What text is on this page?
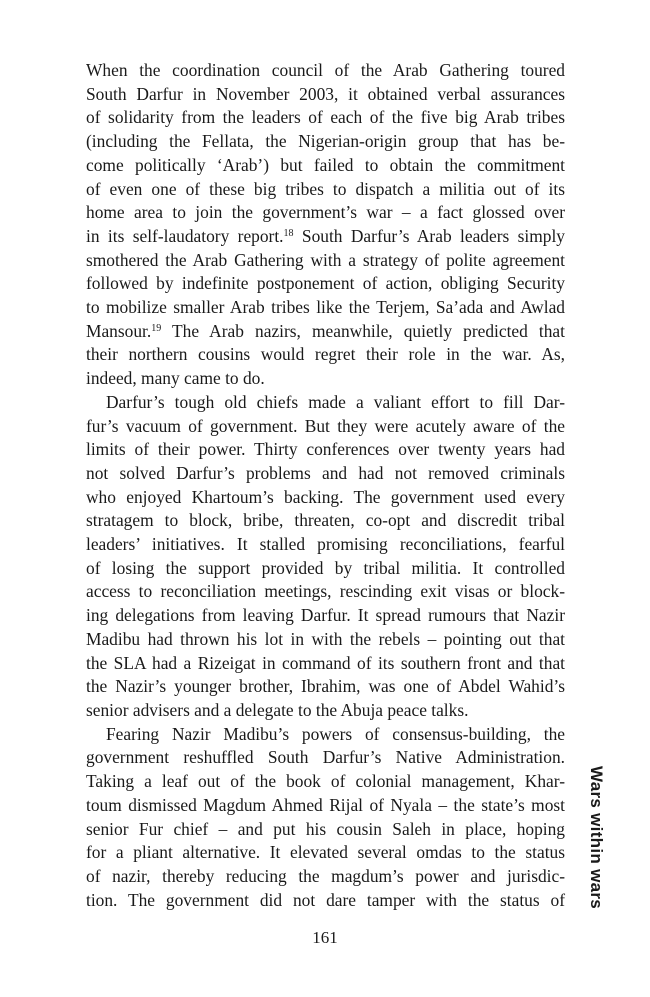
When the coordination council of the Arab Gathering toured

South Darfur in November 2003, it obtained verbal assurances

of solidarity from the leaders of each of the five big Arab tribes

(including the Fellata, the Nigerian-origin group that has be-

come politically ‘Arab’) but failed to obtain the commitment

of even one of these big tribes to dispatch a militia out of its

home area to join the government’s war – a fact glossed over

in its self-laudatory report.$^{18}$ South Darfur’s Arab leaders simply

smothered the Arab Gathering with a strategy of polite agreement

followed by indefinite postponement of action, obliging Security

to mobilize smaller Arab tribes like the Terjem, Sa’ada and Awlad

Mansour.$^{19}$ The Arab nazirs, meanwhile, quietly predicted that

their northern cousins would regret their role in the war. As,

indeed, many came to do.

Darfur’s tough old chiefs made a valiant effort to fill Dar-

fur’s vacuum of government. But they were acutely aware of the

limits of their power. Thirty conferences over twenty years had

not solved Darfur’s problems and had not removed criminals

who enjoyed Khartoum’s backing. The government used every

stratagem to block, bribe, threaten, co-opt and discredit tribal

leaders’ initiatives. It stalled promising reconciliations, fearful

of losing the support provided by tribal militia. It controlled

access to reconciliation meetings, rescinding exit visas or block-

ing delegations from leaving Darfur. It spread rumours that Nazir

Madibu had thrown his lot in with the rebels – pointing out that

the SLA had a Rizeigat in command of its southern front and that

the Nazir’s younger brother, Ibrahim, was one of Abdel Wahid’s

senior advisers and a delegate to the Abuja peace talks.

Fearing Nazir Madibu’s powers of consensus-building, the

government reshuffled South Darfur’s Native Administration.

Taking a leaf out of the book of colonial management, Khar-

toum dismissed Magdum Ahmed Rijal of Nyala – the state’s most

senior Fur chief – and put his cousin Saleh in place, hoping

for a pliant alternative. It elevated several omdas to the status

of nazir, thereby reducing the magdum’s power and jurisdic-

tion. The government did not dare tamper with the status of Wars within wars
161
